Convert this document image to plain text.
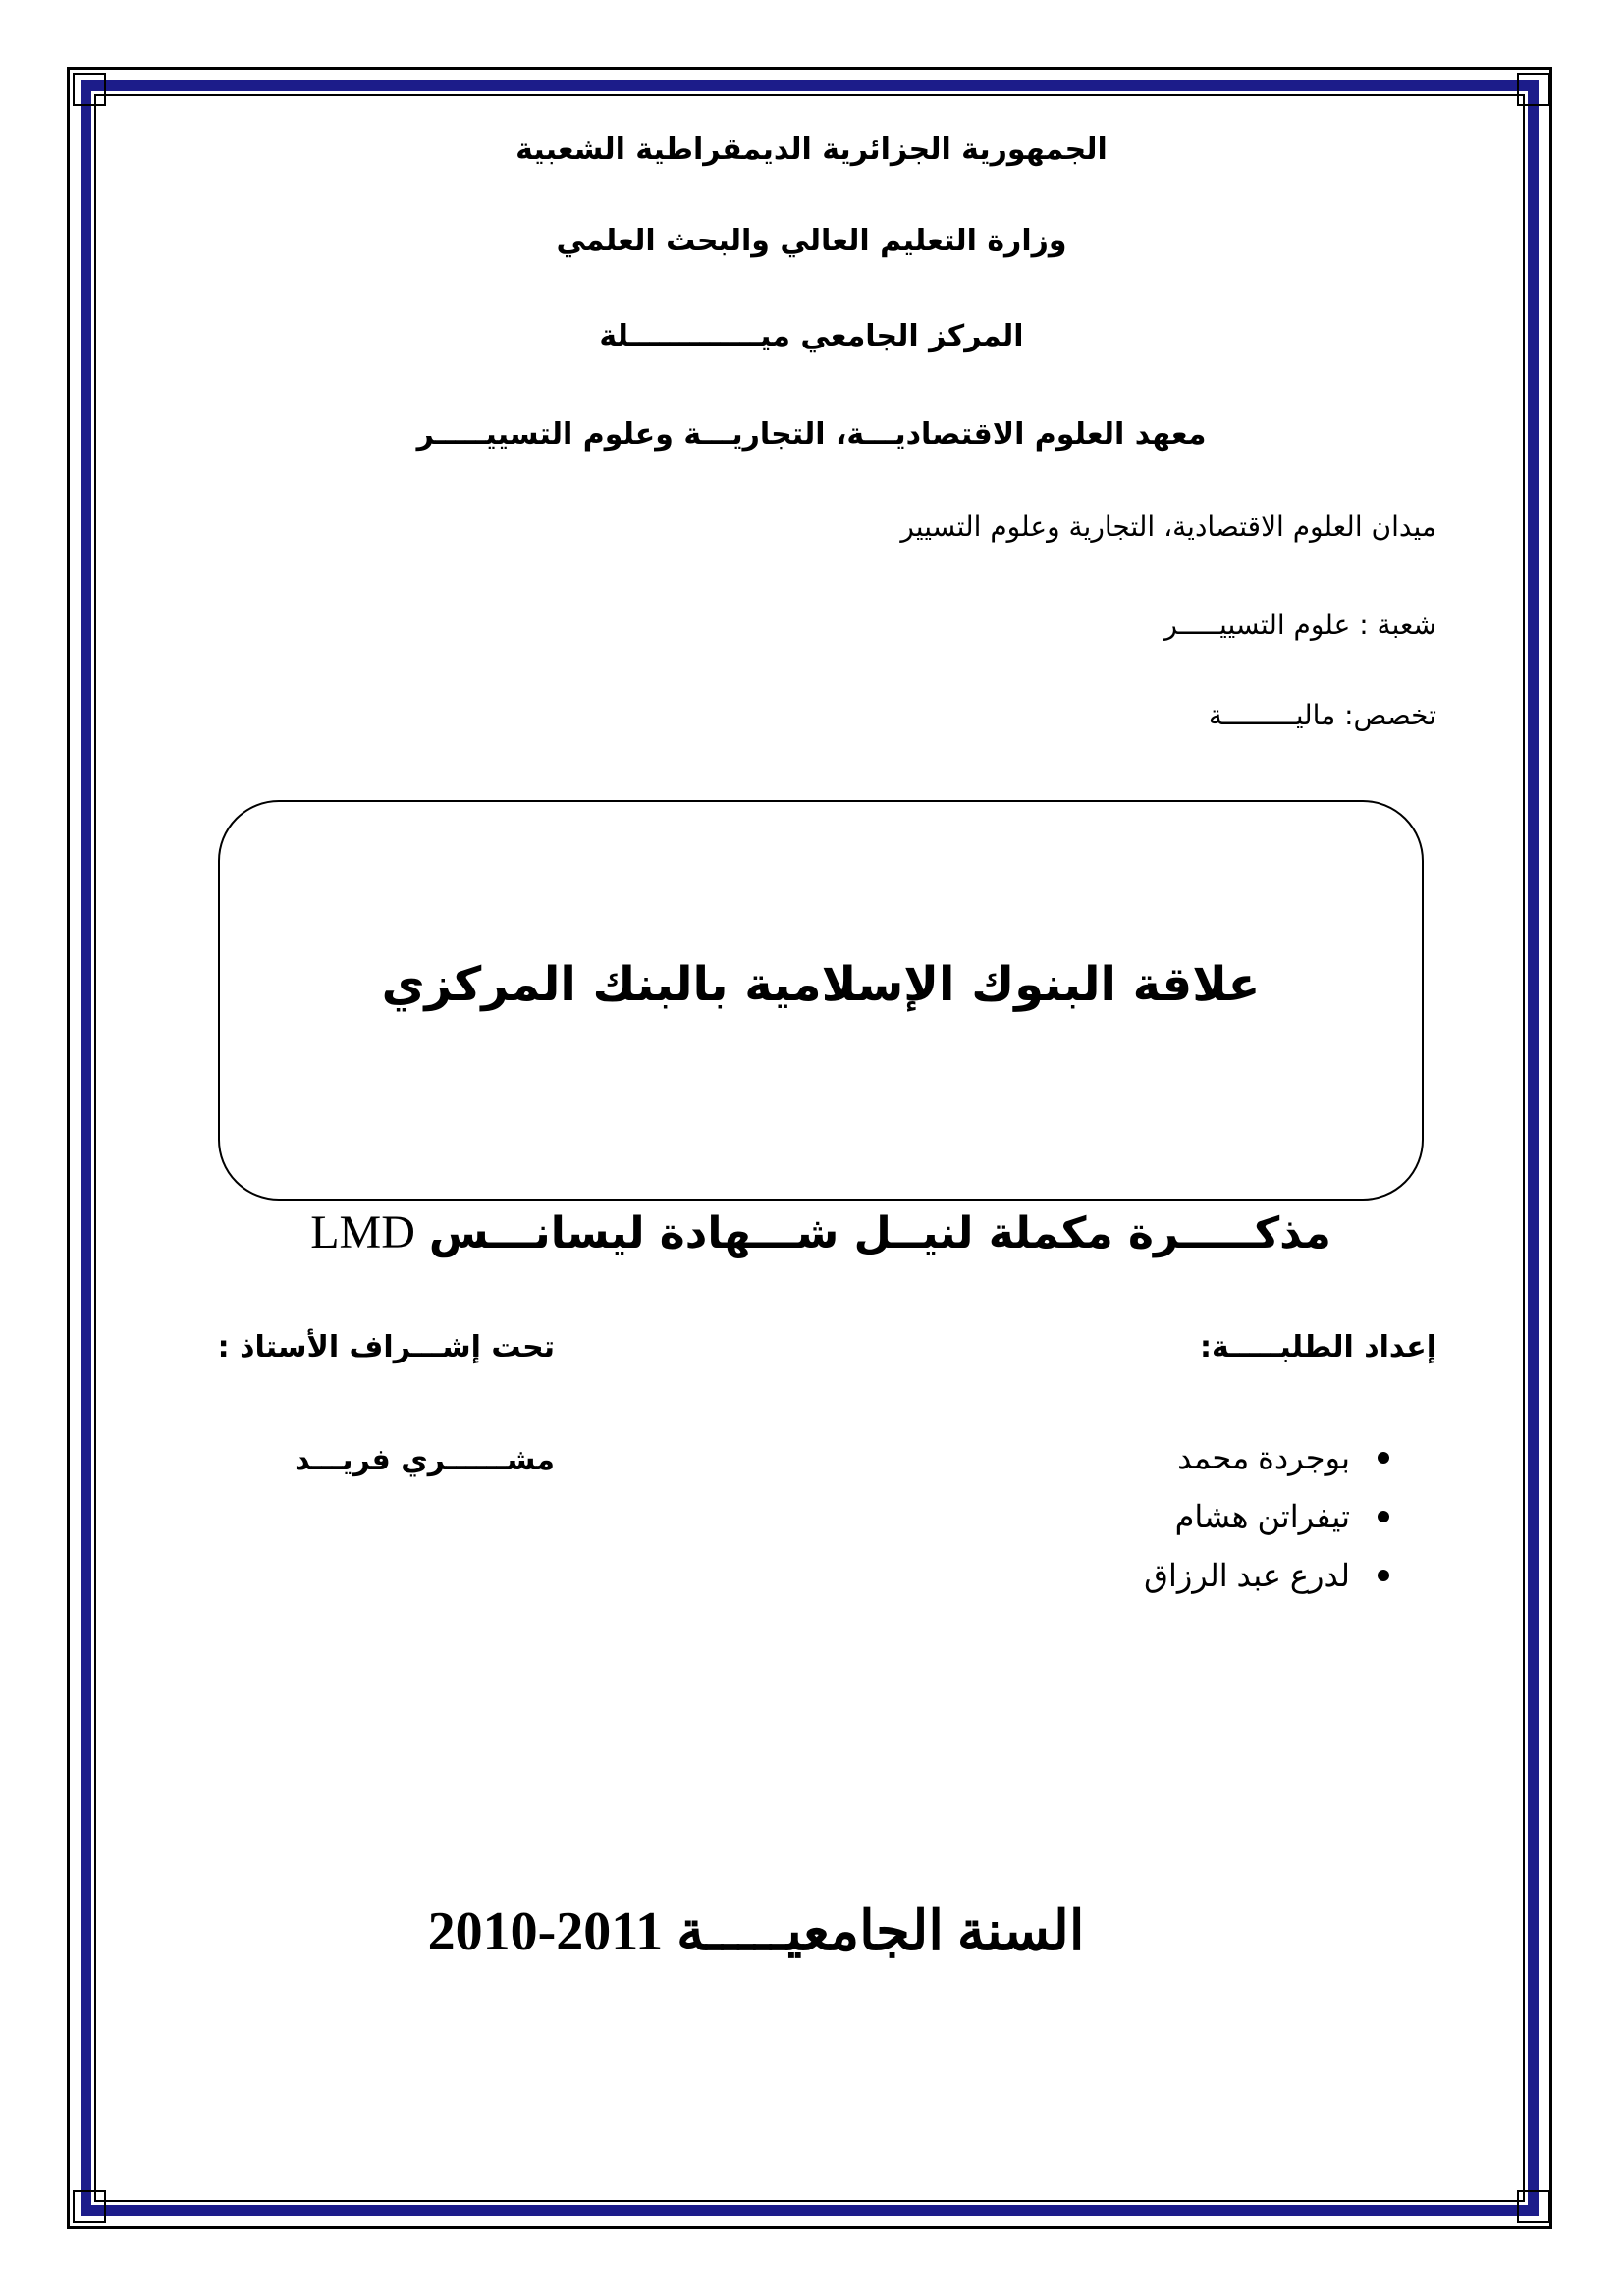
الجمهورية الجزائرية الديمقراطية الشعبية
وزارة التعليم العالي والبحث العلمي
المركز الجامعي ميـــــــــــــلة
معهد العلوم الاقتصاديـــة، التجاريـــة وعلوم التسييـــــر
ميدان العلوم الاقتصادية، التجارية وعلوم التسيير
شعبة : علوم التسييـــــر
تخصص: ماليـــــــــة
علاقة البنوك الإسلامية بالبنك المركزي
مذكـــــرة مكملة لنيــل شـــهادة ليسانـــس LMD
إعداد الطلبـــــة:
تحت إشـــراف الأستاذ :
بوجردة محمد
تيفراتن هشام
لدرع عبد الرزاق
مشــــــري فريـــد
السنة الجامعيـــــة 2010-2011
